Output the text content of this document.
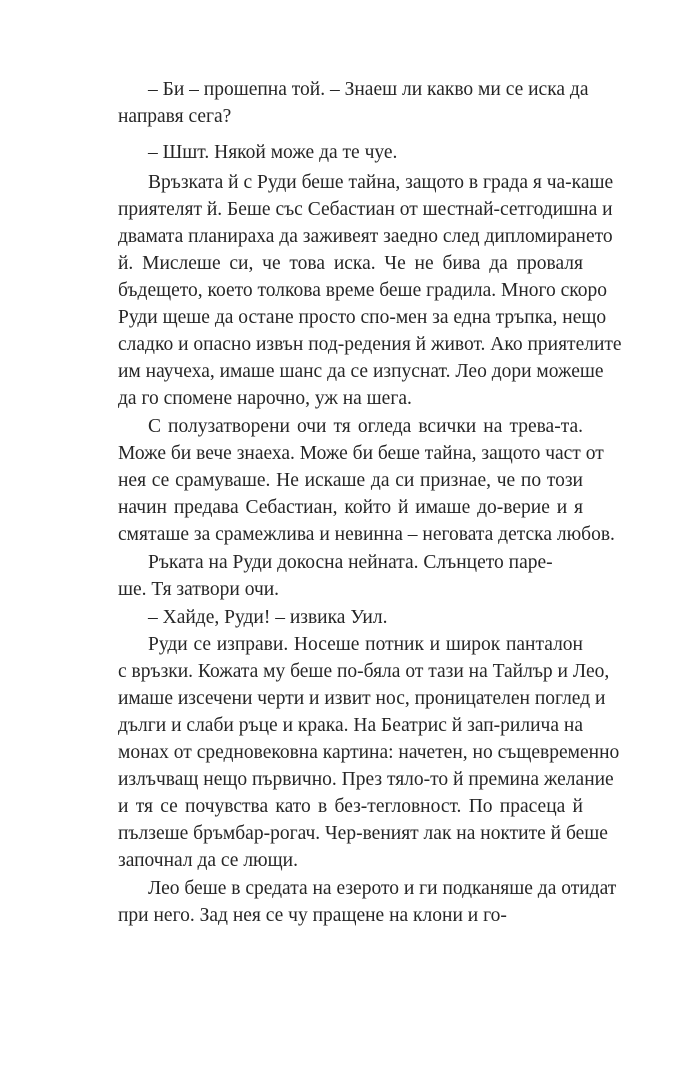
– Би – прошепна той. – Знаеш ли какво ми се иска да
направя сега?
– Шшт. Някой може да те чуе.
Връзката й с Руди беше тайна, защото в града я ча-каше
приятелят й. Беше със Себастиан от шестнай-сетгодишна и
двамата планираха да заживеят заедно след дипломирането
й. Мислеше си, че това иска. Че не бива да проваля
бъдещето, което толкова време беше градила. Много скоро
Руди щеше да остане просто спо-мен за една тръпка, нещо
сладко и опасно извън под-редения й живот. Ако приятелите
им научеха, имаше шанс да се изпуснат. Лео дори можеше
да го спомене нарочно, уж на шега.
С полузатворени очи тя огледа всички на трева-та.
Може би вече знаеха. Може би беше тайна, защото част от
нея се срамуваше. Не искаше да си признае, че по този
начин предава Себастиан, който й имаше до-верие и я
смяташе за срамежлива и невинна – неговата детска любов.
Ръката на Руди докосна нейната. Слънцето паре-
ше. Тя затвори очи.
– Хайде, Руди! – извика Уил.
Руди се изправи. Носеше потник и широк панталон
с връзки. Кожата му беше по-бяла от тази на Тайлър и Лео,
имаше изсечени черти и извит нос, проницателен поглед и
дълги и слаби ръце и крака. На Беатрис й зап-рилича на
монах от средновековна картина: начетен, но същевременно
излъчващ нещо първично. През тяло-то й премина желание
и тя се почувства като в без-тегловност. По прасеца й
пълзеше бръмбар-рогач. Чер-веният лак на ноктите й беше
започнал да се лющи.
Лео беше в средата на езерото и ги подканяше да отидат
при него. Зад нея се чу пращене на клони и го-
